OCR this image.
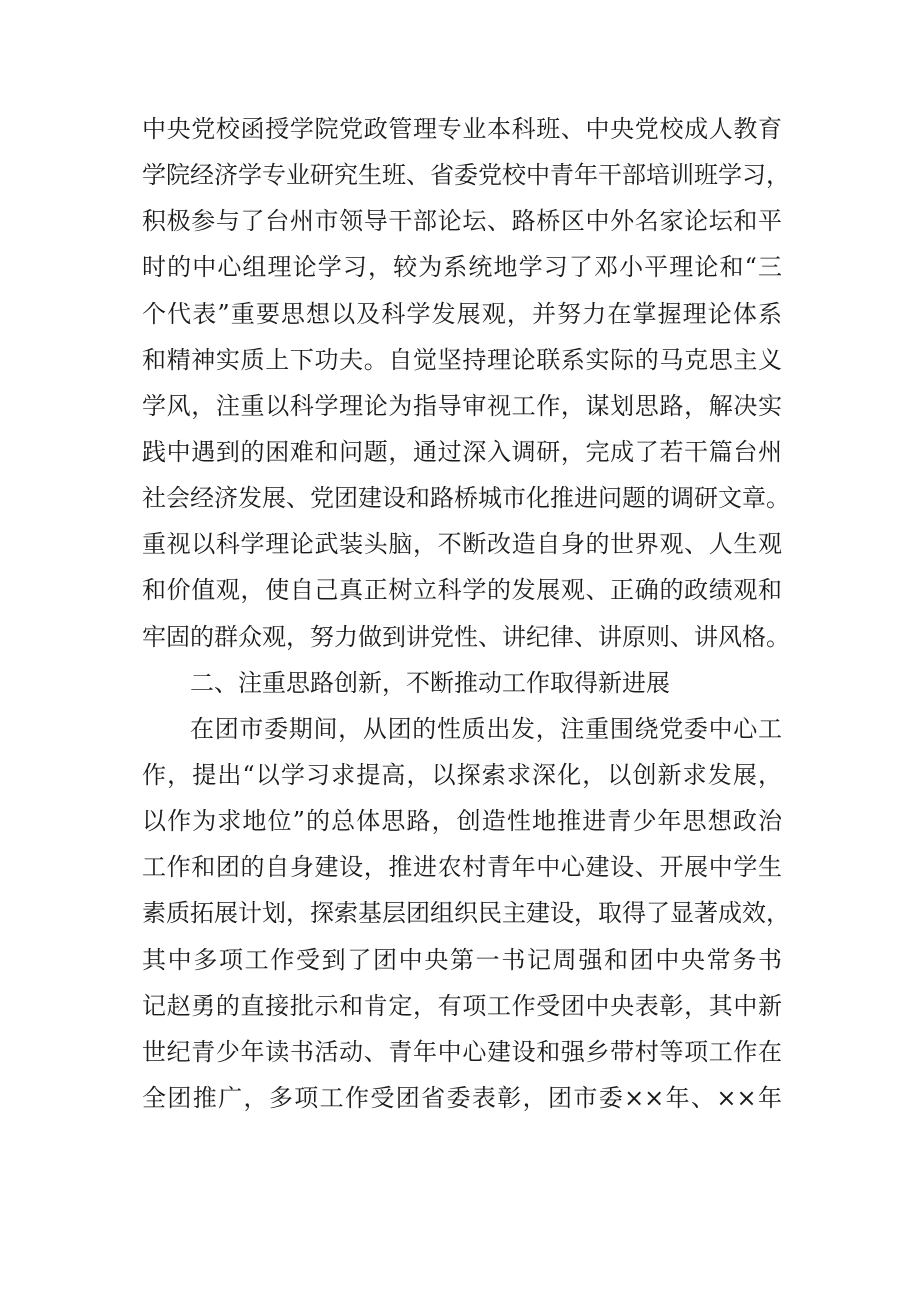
中央党校函授学院党政管理专业本科班、中央党校成人教育
学院经济学专业研究生班、省委党校中青年干部培训班学习，
积极参与了台州市领导干部论坛、路桥区中外名家论坛和平
时的中心组理论学习，较为系统地学习了邓小平理论和“三
个代表”重要思想以及科学发展观，并努力在掌握理论体系
和精神实质上下功夫。自觉坚持理论联系实际的马克思主义
学风，注重以科学理论为指导审视工作，谋划思路，解决实
践中遇到的困难和问题，通过深入调研，完成了若干篇台州
社会经济发展、党团建设和路桥城市化推进问题的调研文章。
重视以科学理论武装头脑，不断改造自身的世界观、人生观
和价值观，使自己真正树立科学的发展观、正确的政绩观和
牢固的群众观，努力做到讲党性、讲纪律、讲原则、讲风格。
二、注重思路创新，不断推动工作取得新进展
在团市委期间，从团的性质出发，注重围绕党委中心工
作，提出“以学习求提高，以探索求深化，以创新求发展，
以作为求地位”的总体思路，创造性地推进青少年思想政治
工作和团的自身建设，推进农村青年中心建设、开展中学生
素质拓展计划，探索基层团组织民主建设，取得了显著成效，
其中多项工作受到了团中央第一书记周强和团中央常务书
记赵勇的直接批示和肯定，有项工作受团中央表彰，其中新
世纪青少年读书活动、青年中心建设和强乡带村等项工作在
全团推广，多项工作受团省委表彰，团市委××年、××年
